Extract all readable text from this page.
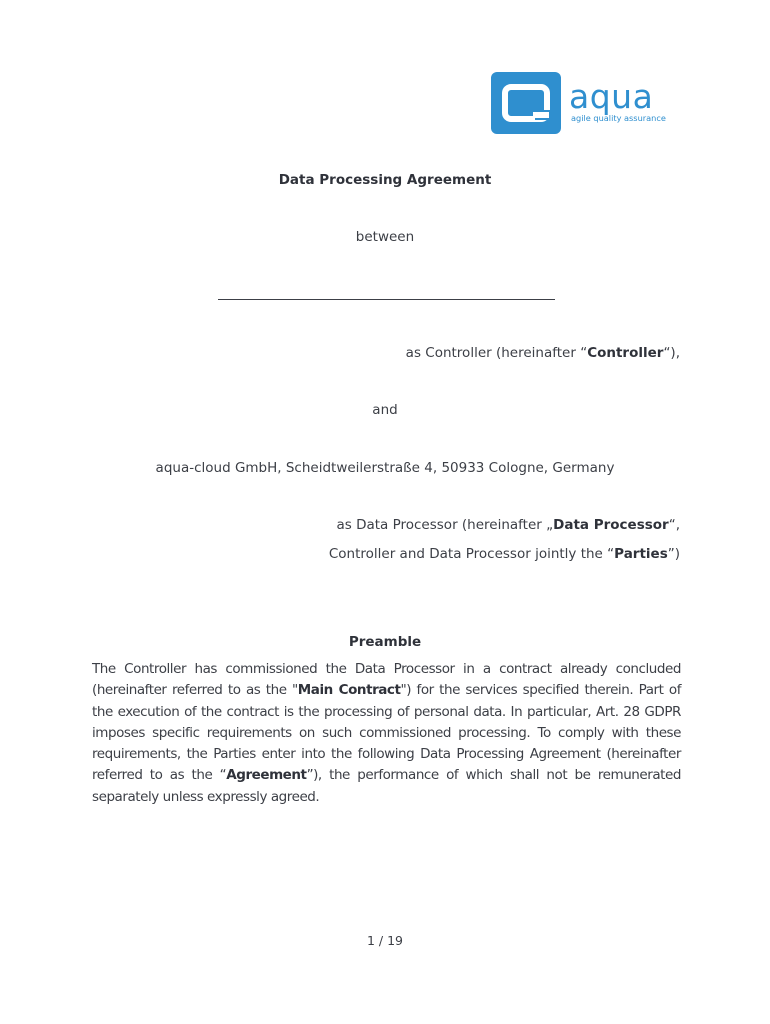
aqua
agile quality assurance
Data Processing Agreement
between
as Controller (hereinafter “Controller“),
and
aqua-cloud GmbH, Scheidtweilerstraße 4, 50933 Cologne, Germany
as Data Processor (hereinafter „Data Processor“,
Controller and Data Processor jointly the “Parties”)
Preamble
The Controller has commissioned the Data Processor in a contract already concluded (hereinafter referred to as the "Main Contract") for the services specified therein. Part of the execution of the contract is the processing of personal data. In particular, Art. 28 GDPR imposes specific requirements on such commissioned processing. To comply with these requirements, the Parties enter into the following Data Processing Agreement (hereinafter referred to as the “Agreement”), the performance of which shall not be remunerated separately unless expressly agreed.
1 / 19
